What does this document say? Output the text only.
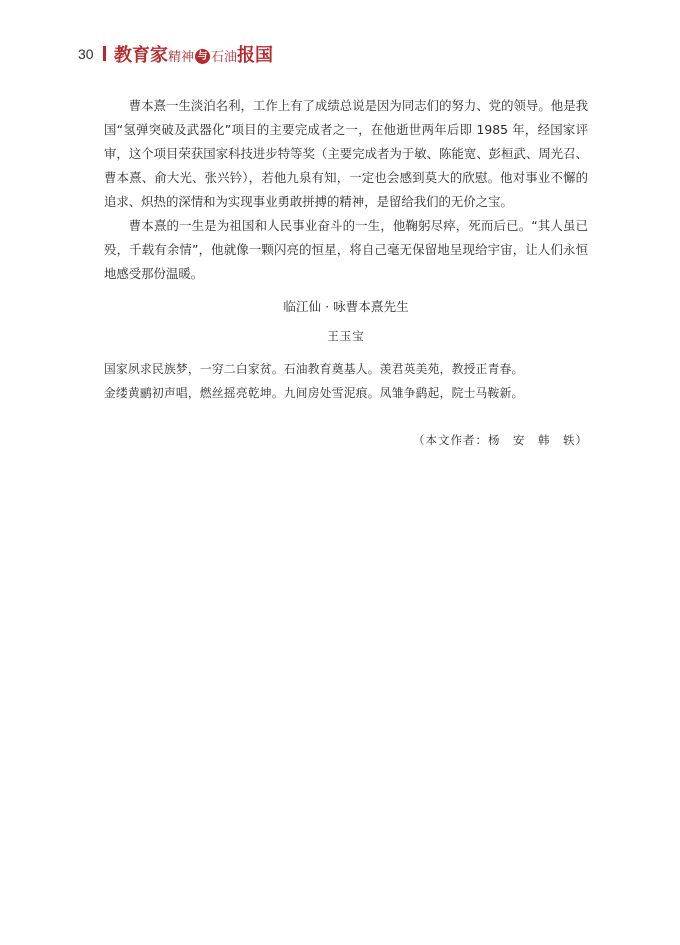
30 教育家精神 与 石油报国

曹本熹一生淡泊名利，工作上有了成绩总说是因为同志们的努力、党的领导。他是我国“氢弹突破及武器化”项目的主要完成者之一，在他逝世两年后即 1985 年，经国家评审，这个项目荣获国家科技进步特等奖（主要完成者为于敏、陈能宽、彭桓武、周光召、曹本熹、俞大光、张兴钤），若他九泉有知，一定也会感到莫大的欣慰。他对事业不懈的追求、炽热的深情和为实现事业勇敢拼搏的精神，是留给我们的无价之宝。

曹本熹的一生是为祖国和人民事业奋斗的一生，他鞠躬尽瘁，死而后已。“其人虽已殁，千载有余情”，他就像一颗闪亮的恒星，将自己毫无保留地呈现给宇宙，让人们永恒地感受那份温暖。

临江仙 · 咏曹本熹先生
王玉宝

国家夙求民族梦，一穷二白家贫。石油教育奠基人。羡君英美苑，教授正青春。

金缕黄鹂初声唱，燃丝摇亮乾坤。九间房处雪泥痕。凤雏争鹞起，院士马鞍新。

（本文作者：杨　安　韩　轶）
